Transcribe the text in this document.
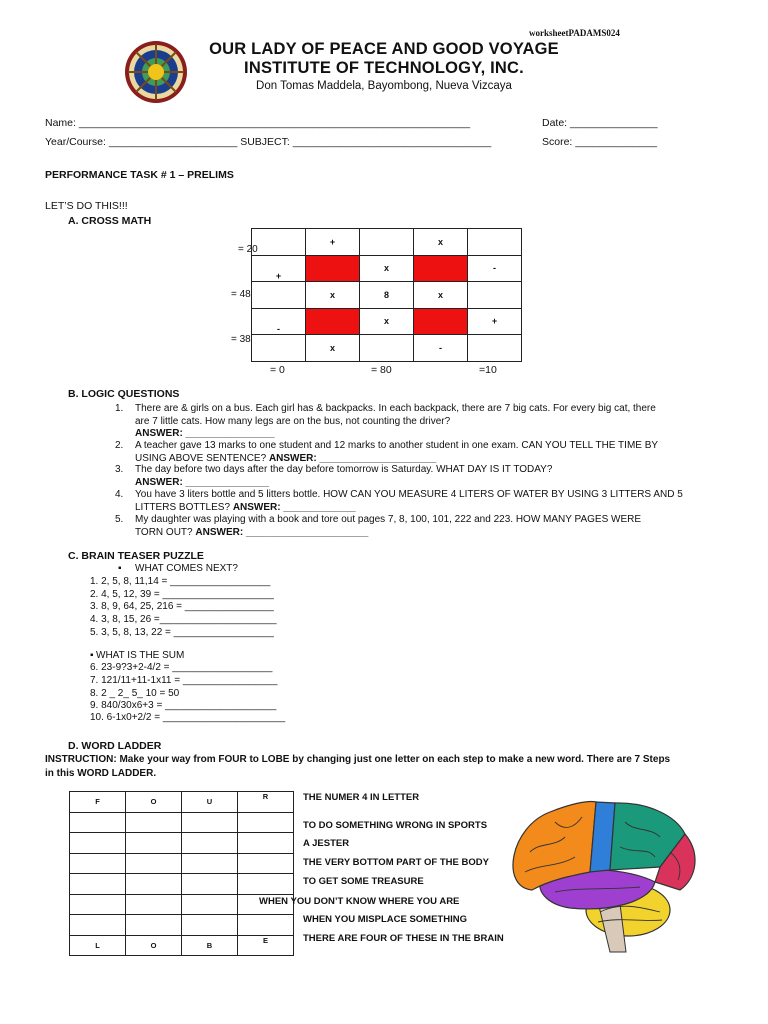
worksheetPADAMS024
OUR LADY OF PEACE AND GOOD VOYAGE
INSTITUTE OF TECHNOLOGY, INC.
Don Tomas Maddela, Bayombong, Nueva Vizcaya
Name: ___________________________________________________________________	Date: _______________
Year/Course: ______________________ SUBJECT: __________________________________	Score: ______________
PERFORMANCE TASK # 1 – PRELIMS
LET’S DO THIS!!!
A. CROSS MATH
= 20
= 48
= 38
	+		x	
+		x		-
	x	8	x	
-		x		+
	x		-	
= 0	= 80	=10
B. LOGIC QUESTIONS
1. There are & girls on a bus. Each girl has & backpacks. In each backpack, there are 7 big cats. For every big cat, there
are 7 little cats. How many legs are on the bus, not counting the driver?
ANSWER: ________________
2. A teacher gave 13 marks to one student and 12 marks to another student in one exam. CAN YOU TELL THE TIME BY
USING ABOVE SENTENCE? ANSWER: _____________________
3. The day before two days after the day before tomorrow is Saturday. WHAT DAY IS IT TODAY?
ANSWER: _______________
4. You have 3 liters bottle and 5 litters bottle. HOW CAN YOU MEASURE 4 LITERS OF WATER BY USING 3 LITTERS AND 5
LITTERS BOTTLES? ANSWER: _____________
5. My daughter was playing with a book and tore out pages 7, 8, 100, 101, 222 and 223. HOW MANY PAGES WERE
TORN OUT? ANSWER: ______________________
C. BRAIN TEASER PUZZLE
▪ WHAT COMES NEXT?
1. 2, 5, 8, 11,14 = __________________
2. 4, 5, 12, 39 = ____________________
3. 8, 9, 64, 25, 216 = ________________
4. 3, 8, 15, 26 =_____________________
5. 3, 5, 8, 13, 22 = __________________
▪ WHAT IS THE SUM
6. 23-9?3+2-4/2 = __________________
7. 121/11+11-1x11 = _________________
8. 2 _ 2_ 5_ 10 = 50
9. 840/30x6+3 = ____________________
10. 6-1x0+2/2 = ______________________
D. WORD LADDER
INSTRUCTION: Make your way from FOUR to LOBE by changing just one letter on each step to make a new word. There are 7 Steps
in this WORD LADDER.
F	O	U	R

L	O	B	E
THE NUMER 4 IN LETTER
TO DO SOMETHING WRONG IN SPORTS
A JESTER
THE VERY BOTTOM PART OF THE BODY
TO GET SOME TREASURE
WHEN YOU DON’T KNOW WHERE YOU ARE
WHEN YOU MISPLACE SOMETHING
THERE ARE FOUR OF THESE IN THE BRAIN
